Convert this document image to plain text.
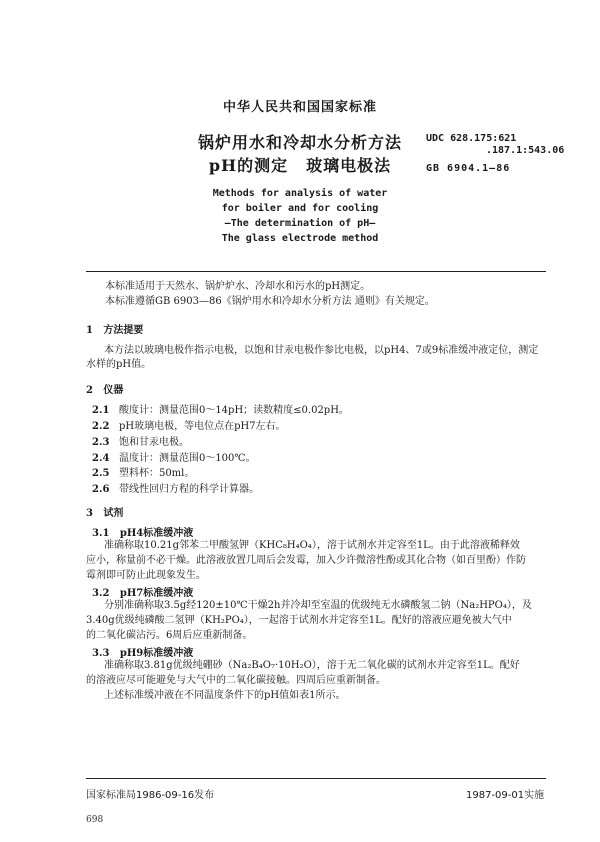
中华人民共和国国家标准
锅炉用水和冷却水分析方法
pH的测定 玻璃电极法
UDC 628.175:621
.187.1:543.06
GB 6904.1—86
Methods for analysis of water
for boiler and for cooling
—The determination of pH—
The glass electrode method
本标准适用于天然水、锅炉炉水、冷却水和污水的pH测定。
本标准遵循GB 6903—86《锅炉用水和冷却水分析方法 通则》有关规定。
1 方法提要
本方法以玻璃电极作指示电极，以饱和甘汞电极作参比电极，以pH4、7或9标准缓冲液定位，测定
水样的pH值。
2 仪器
2.1 酸度计：测量范围0～14pH；读数精度≤0.02pH。
2.2 pH玻璃电极，等电位点在pH7左右。
2.3 饱和甘汞电极。
2.4 温度计：测量范围0～100℃。
2.5 塑料杯：50ml。
2.6 带线性回归方程的科学计算器。
3 试剂
3.1 pH4标准缓冲液
准确称取10.21g邻苯二甲酸氢钾（KHC₈H₄O₄），溶于试剂水并定容至1L。由于此溶液稀释效
应小，称量前不必干燥。此溶液放置几周后会发霉，加入少许微溶性酚或其化合物（如百里酚）作防
霉剂即可防止此现象发生。
3.2 pH7标准缓冲液
分别准确称取3.5g经120±10℃干燥2h并冷却至室温的优级纯无水磷酸氢二钠（Na₂HPO₄），及
3.40g优级纯磷酸二氢钾（KH₂PO₄），一起溶于试剂水并定容至1L。配好的溶液应避免被大气中
的二氧化碳沾污。6周后应重新制备。
3.3 pH9标准缓冲液
准确称取3.81g优级纯硼砂（Na₂B₄O₇·10H₂O），溶于无二氧化碳的试剂水并定容至1L。配好
的溶液应尽可能避免与大气中的二氧化碳接触。四周后应重新制备。
上述标准缓冲液在不同温度条件下的pH值如表1所示。
国家标准局1986-09-16发布	1987-09-01实施
698
